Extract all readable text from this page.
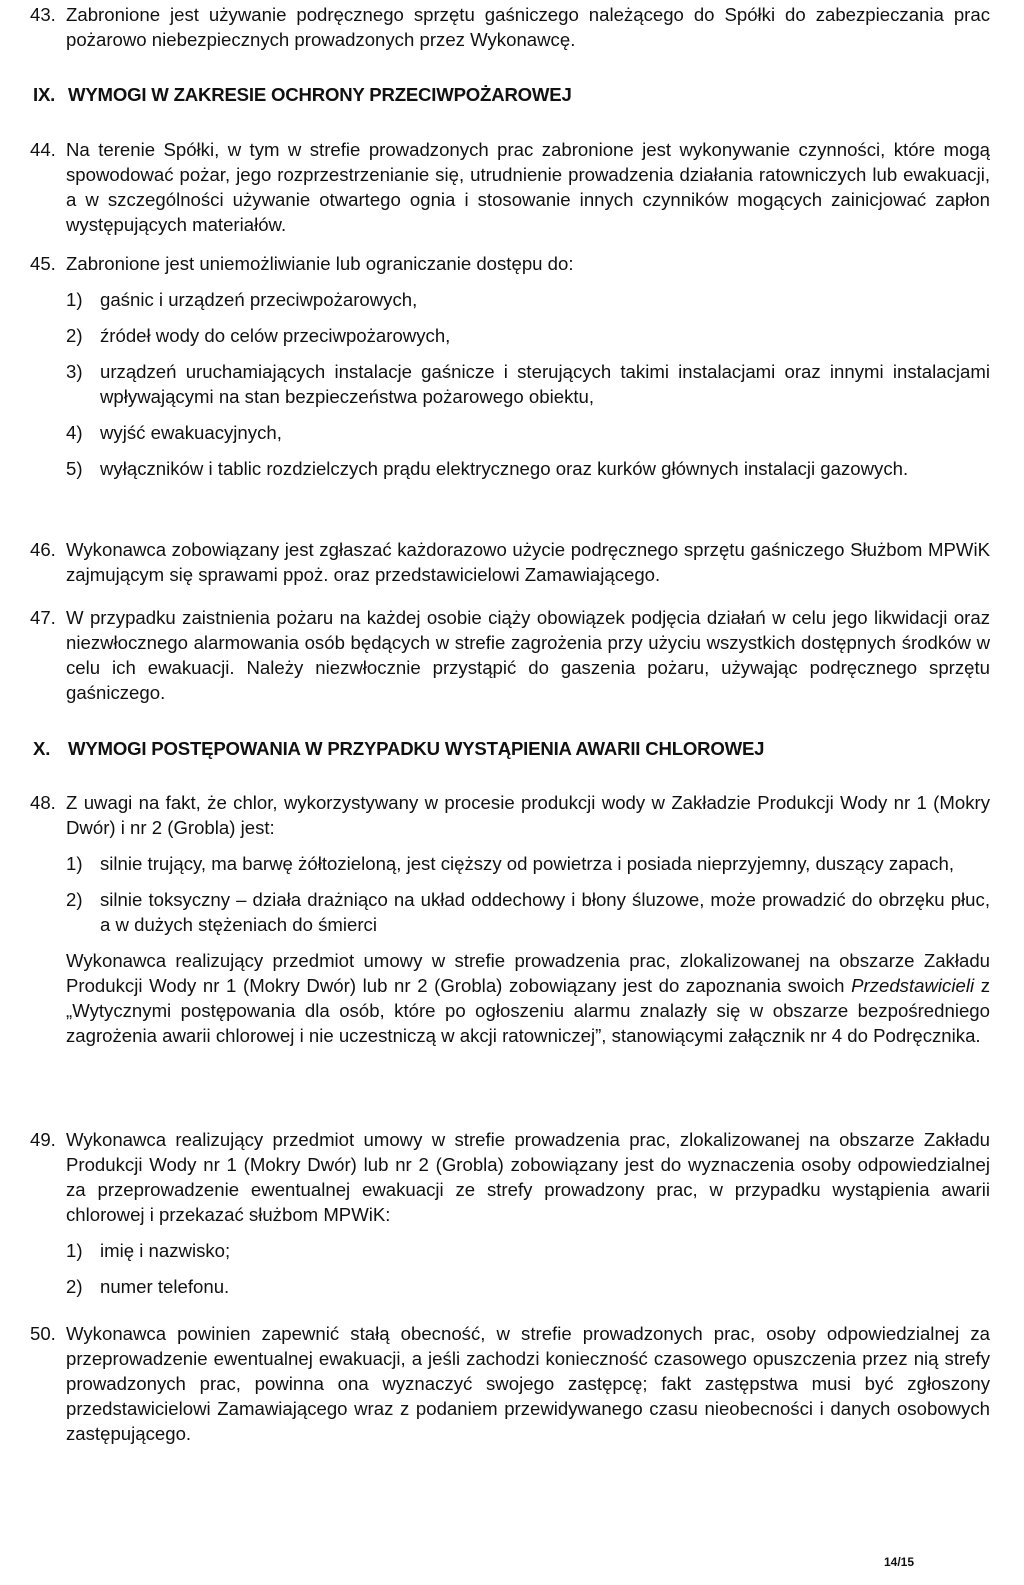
43. Zabronione jest używanie podręcznego sprzętu gaśniczego należącego do Spółki do zabezpieczania prac pożarowo niebezpiecznych prowadzonych przez Wykonawcę.
IX. WYMOGI W ZAKRESIE OCHRONY PRZECIWPOŻAROWEJ
44. Na terenie Spółki, w tym w strefie prowadzonych prac zabronione jest wykonywanie czynności, które mogą spowodować pożar, jego rozprzestrzenianie się, utrudnienie prowadzenia działania ratowniczych lub ewakuacji, a w szczególności używanie otwartego ognia i stosowanie innych czynników mogących zainicjować zapłon występujących materiałów.
45. Zabronione jest uniemożliwianie lub ograniczanie dostępu do:
1) gaśnic i urządzeń przeciwpożarowych,
2) źródeł wody do celów przeciwpożarowych,
3) urządzeń uruchamiających instalacje gaśnicze i sterujących takimi instalacjami oraz innymi instalacjami wpływającymi na stan bezpieczeństwa pożarowego obiektu,
4) wyjść ewakuacyjnych,
5) wyłączników i tablic rozdzielczych prądu elektrycznego oraz kurków głównych instalacji gazowych.
46. Wykonawca zobowiązany jest zgłaszać każdorazowo użycie podręcznego sprzętu gaśniczego Służbom MPWiK zajmującym się sprawami ppoż. oraz przedstawicielowi Zamawiającego.
47. W przypadku zaistnienia pożaru na każdej osobie ciąży obowiązek podjęcia działań w celu jego likwidacji oraz niezwłocznego alarmowania osób będących w strefie zagrożenia przy użyciu wszystkich dostępnych środków w celu ich ewakuacji. Należy niezwłocznie przystąpić do gaszenia pożaru, używając podręcznego sprzętu gaśniczego.
X. WYMOGI POSTĘPOWANIA W PRZYPADKU WYSTĄPIENIA AWARII CHLOROWEJ
48. Z uwagi na fakt, że chlor, wykorzystywany w procesie produkcji wody w Zakładzie Produkcji Wody nr 1 (Mokry Dwór) i nr 2 (Grobla) jest:
1) silnie trujący, ma barwę żółtozieloną, jest cięższy od powietrza i posiada nieprzyjemny, duszący zapach,
2) silnie toksyczny – działa drażniąco na układ oddechowy i błony śluzowe, może prowadzić do obrzęku płuc, a w dużych stężeniach do śmierci
Wykonawca realizujący przedmiot umowy w strefie prowadzenia prac, zlokalizowanej na obszarze Zakładu Produkcji Wody nr 1 (Mokry Dwór) lub nr 2 (Grobla) zobowiązany jest do zapoznania swoich Przedstawicieli z „Wytycznymi postępowania dla osób, które po ogłoszeniu alarmu znalazły się w obszarze bezpośredniego zagrożenia awarii chlorowej i nie uczestniczą w akcji ratowniczej”, stanowiącymi załącznik nr 4 do Podręcznika.
49. Wykonawca realizujący przedmiot umowy w strefie prowadzenia prac, zlokalizowanej na obszarze Zakładu Produkcji Wody nr 1 (Mokry Dwór) lub nr 2 (Grobla) zobowiązany jest do wyznaczenia osoby odpowiedzialnej za przeprowadzenie ewentualnej ewakuacji ze strefy prowadzony prac, w przypadku wystąpienia awarii chlorowej i przekazać służbom MPWiK:
1) imię i nazwisko;
2) numer telefonu.
50. Wykonawca powinien zapewnić stałą obecność, w strefie prowadzonych prac, osoby odpowiedzialnej za przeprowadzenie ewentualnej ewakuacji, a jeśli zachodzi konieczność czasowego opuszczenia przez nią strefy prowadzonych prac, powinna ona wyznaczyć swojego zastępcę; fakt zastępstwa musi być zgłoszony przedstawicielowi Zamawiającego wraz z podaniem przewidywanego czasu nieobecności i danych osobowych zastępującego.
14/15
